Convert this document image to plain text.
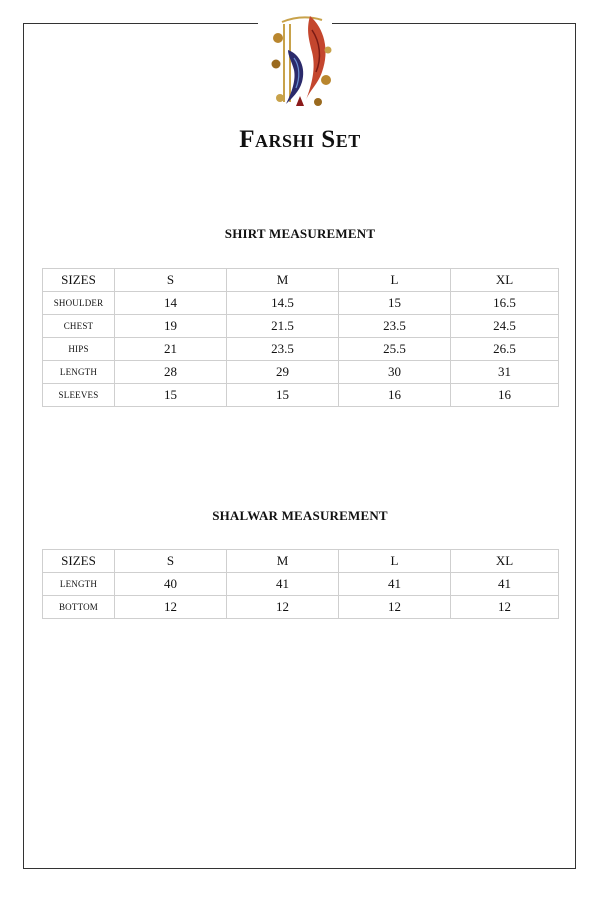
Farshi Set
SHIRT MEASUREMENT
SIZES	S	M	L	XL
SHOULDER	14	14.5	15	16.5
CHEST	19	21.5	23.5	24.5
HIPS	21	23.5	25.5	26.5
LENGTH	28	29	30	31
SLEEVES	15	15	16	16
SHALWAR MEASUREMENT
SIZES	S	M	L	XL
LENGTH	40	41	41	41
BOTTOM	12	12	12	12
